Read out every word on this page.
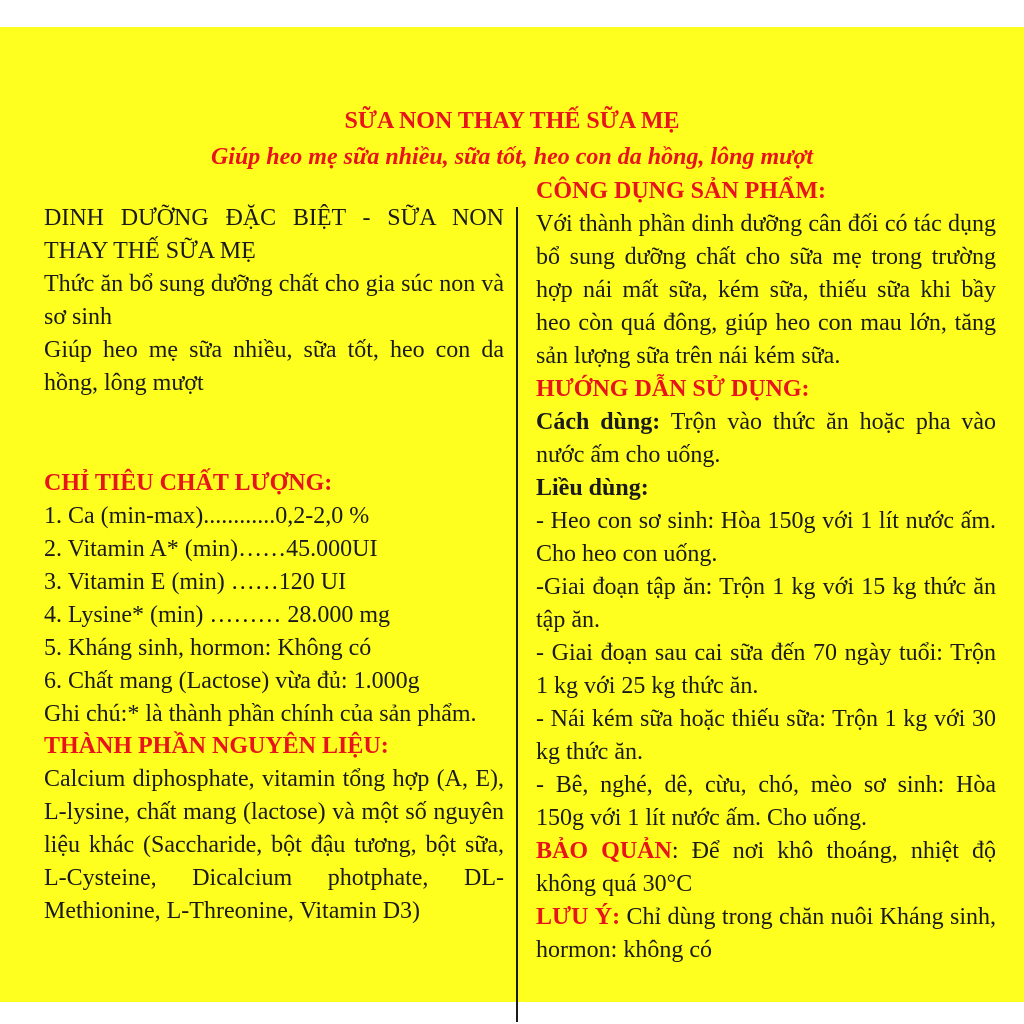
SỮA NON THAY THẾ SỮA MẸ

Giúp heo mẹ sữa nhiều, sữa tốt, heo con da hồng, lông mượt

DINH DƯỠNG ĐẶC BIỆT - SỮA NON THAY THẾ SỮA MẸ

Thức ăn bổ sung dưỡng chất cho gia súc non và sơ sinh

Giúp heo mẹ sữa nhiều, sữa tốt, heo con da hồng, lông mượt

CHỈ TIÊU CHẤT LƯỢNG:

1. Ca (min-max)............0,2-2,0 %

2. Vitamin A* (min)……45.000UI

3. Vitamin E (min) ……120 UI

4. Lysine* (min) ……… 28.000 mg

5. Kháng sinh, hormon: Không có

6. Chất mang (Lactose) vừa đủ: 1.000g

Ghi chú:* là thành phần chính của sản phẩm.

THÀNH PHẦN NGUYÊN LIỆU:

Calcium diphosphate, vitamin tổng hợp (A, E), L-lysine, chất mang (lactose) và một số nguyên liệu khác (Saccharide, bột đậu tương, bột sữa, L-Cysteine, Dicalcium photphate, DL-Methionine, L-Threonine, Vitamin D3)

CÔNG DỤNG SẢN PHẨM:

Với thành phần dinh dưỡng cân đối có tác dụng bổ sung dưỡng chất cho sữa mẹ trong trường hợp nái mất sữa, kém sữa, thiếu sữa khi bầy heo còn quá đông, giúp heo con mau lớn, tăng sản lượng sữa trên nái kém sữa.

HƯỚNG DẪN SỬ DỤNG:

Cách dùng: Trộn vào thức ăn hoặc pha vào nước ấm cho uống.

Liều dùng:

- Heo con sơ sinh: Hòa 150g với 1 lít nước ấm. Cho heo con uống.

-Giai đoạn tập ăn: Trộn 1 kg với 15 kg thức ăn tập ăn.

- Giai đoạn sau cai sữa đến 70 ngày tuổi: Trộn 1 kg với 25 kg thức ăn.

- Nái kém sữa hoặc thiếu sữa: Trộn 1 kg với 30 kg thức ăn.

- Bê, nghé, dê, cừu, chó, mèo sơ sinh: Hòa 150g với 1 lít nước ấm. Cho uống.

BẢO QUẢN: Để nơi khô thoáng, nhiệt độ không quá 30°C

LƯU Ý: Chỉ dùng trong chăn nuôi Kháng sinh, hormon: không có
